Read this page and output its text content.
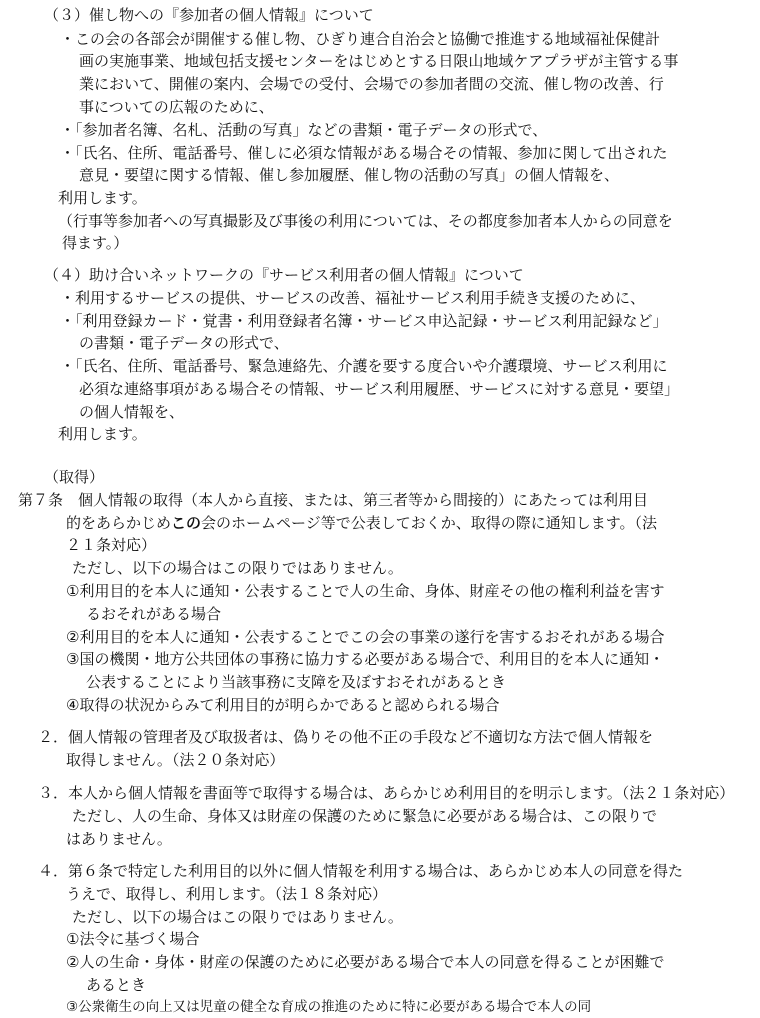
（３）催し物への『参加者の個人情報』について

・この会の各部会が開催する催し物、ひぎり連合自治会と協働で推進する地域福祉保健計

画の実施事業、地域包括支援センターをはじめとする日限山地域ケアプラザが主管する事

業において、開催の案内、会場での受付、会場での参加者間の交流、催し物の改善、行

事についての広報のために、

・「参加者名簿、名札、活動の写真」などの書類・電子データの形式で、

・「氏名、住所、電話番号、催しに必須な情報がある場合その情報、参加に関して出された

意見・要望に関する情報、催し参加履歴、催し物の活動の写真」の個人情報を、

利用します。

（行事等参加者への写真撮影及び事後の利用については、その都度参加者本人からの同意を

得ます。）

（４）助け合いネットワークの『サービス利用者の個人情報』について

・利用するサービスの提供、サービスの改善、福祉サービス利用手続き支援のために、

・「利用登録カード・覚書・利用登録者名簿・サービス申込記録・サービス利用記録など」

の書類・電子データの形式で、

・「氏名、住所、電話番号、緊急連絡先、介護を要する度合いや介護環境、サービス利用に

必須な連絡事項がある場合その情報、サービス利用履歴、サービスに対する意見・要望」

の個人情報を、

利用します。

（取得）

第７条　個人情報の取得（本人から直接、または、第三者等から間接的）にあたっては利用目

的をあらかじめこの会のホームページ等で公表しておくか、取得の際に通知します。（法

２１条対応）

ただし、以下の場合はこの限りではありません。

①利用目的を本人に通知・公表することで人の生命、身体、財産その他の権利利益を害す

るおそれがある場合

②利用目的を本人に通知・公表することでこの会の事業の遂行を害するおそれがある場合

③国の機関・地方公共団体の事務に協力する必要がある場合で、利用目的を本人に通知・

公表することにより当該事務に支障を及ぼすおそれがあるとき

④取得の状況からみて利用目的が明らかであると認められる場合

２．個人情報の管理者及び取扱者は、偽りその他不正の手段など不適切な方法で個人情報を

取得しません。（法２０条対応）

３．本人から個人情報を書面等で取得する場合は、あらかじめ利用目的を明示します。（法２１条対応）

ただし、人の生命、身体又は財産の保護のために緊急に必要がある場合は、この限りで

はありません。

４．第６条で特定した利用目的以外に個人情報を利用する場合は、あらかじめ本人の同意を得た

うえで、取得し、利用します。（法１８条対応）

ただし、以下の場合はこの限りではありません。

①法令に基づく場合

②人の生命・身体・財産の保護のために必要がある場合で本人の同意を得ることが困難で

あるとき

③公衆衛生の向上又は児童の健全な育成の推進のために特に必要がある場合で本人の同
